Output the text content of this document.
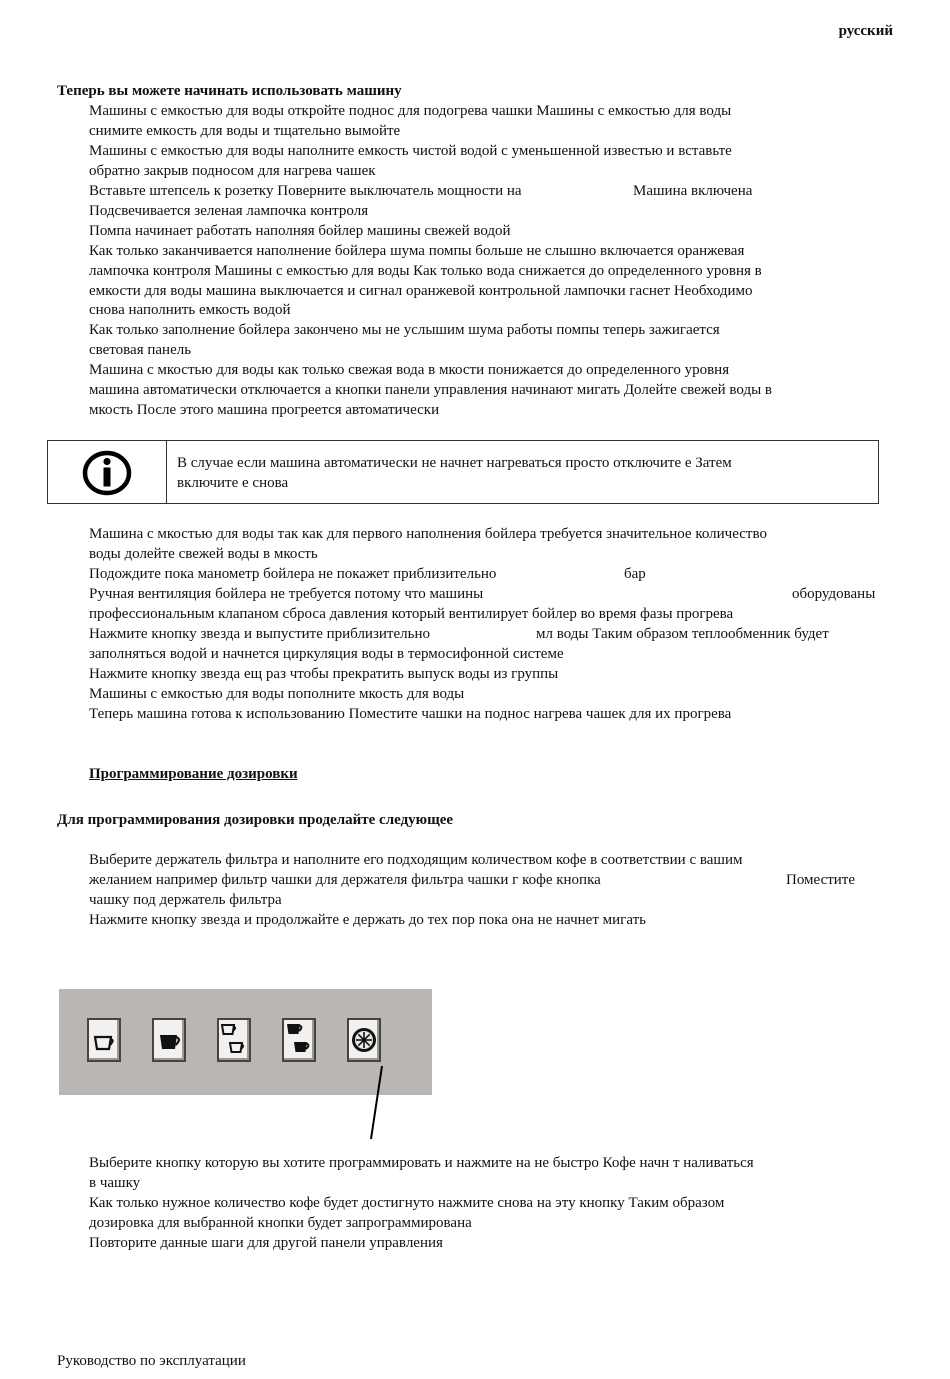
русский
Теперь вы можете начинать использовать машину
Машины с емкостью для воды откройте поднос для подогрева чашки Машины с емкостью для воды
снимите емкость для воды и тщательно вымойте
Машины с емкостью для воды наполните емкость чистой водой с уменьшенной известью и вставьте
обратно закрыв подносом для нагрева чашек
Вставьте штепсель к розетку Поверните выключатель мощности на	Машина включена
Подсвечивается зеленая лампочка контроля
Помпа начинает работать наполняя бойлер машины свежей водой
Как только заканчивается наполнение бойлера шума помпы больше не слышно включается оранжевая
лампочка контроля Машины с емкостью для воды Как только вода снижается до определенного уровня в
емкости для воды машина выключается и сигнал оранжевой контрольной лампочки гаснет Необходимо
снова наполнить емкость водой
Как только заполнение бойлера закончено мы не услышим шума работы помпы теперь зажигается
световая панель
Машина с мкостью для воды как только свежая вода в мкости понижается до определенного уровня
машина автоматически отключается а кнопки панели управления начинают мигать Долейте свежей воды в
мкость После этого машина прогреется автоматически
В случае если машина автоматически не начнет нагреваться просто отключите е Затем
включите е снова
Машина с мкостью для воды так как для первого наполнения бойлера требуется значительное количество
воды долейте свежей воды в мкость
Подождите пока манометр бойлера не покажет приблизительно	бар
Ручная вентиляция бойлера не требуется потому что машины	оборудованы
профессиональным клапаном сброса давления который вентилирует бойлер во время фазы прогрева
Нажмите кнопку звезда и выпустите приблизительно	мл воды Таким образом теплообменник будет
заполняться водой и начнется циркуляция воды в термосифонной системе
Нажмите кнопку звезда ещ раз чтобы прекратить выпуск воды из группы
Машины с емкостью для воды пополните мкость для воды
Теперь машина готова к использованию Поместите чашки на поднос нагрева чашек для их прогрева
Программирование дозировки
Для программирования дозировки проделайте следующее
Выберите держатель фильтра и наполните его подходящим количеством кофе в соответствии с вашим
желанием например фильтр чашки для держателя фильтра чашки г кофе кнопка	Поместите
чашку под держатель фильтра
Нажмите кнопку звезда и продолжайте е держать до тех пор пока она не начнет мигать
Выберите кнопку которую вы хотите программировать и нажмите на не быстро Кофе начн т наливаться
в чашку
Как только нужное количество кофе будет достигнуто нажмите снова на эту кнопку Таким образом
дозировка для выбранной кнопки будет запрограммирована
Повторите данные шаги для другой панели управления
Руководство по эксплуатации
